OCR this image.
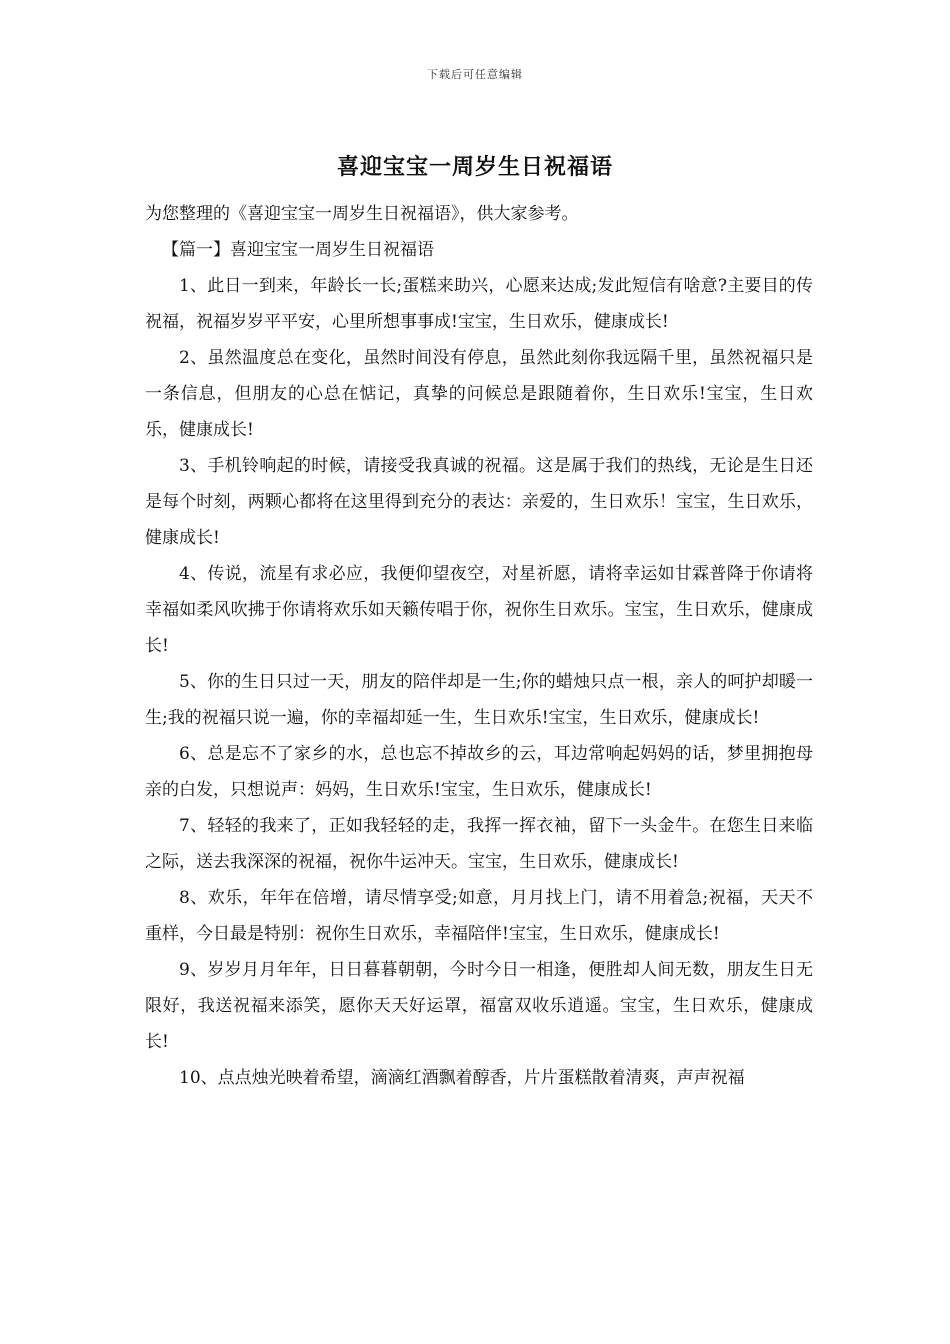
下载后可任意编辑
喜迎宝宝一周岁生日祝福语

为您整理的《喜迎宝宝一周岁生日祝福语》，供大家参考。

【篇一】喜迎宝宝一周岁生日祝福语

1、此日一到来，年龄长一长;蛋糕来助兴，心愿来达成;发此短信有啥意?主要目的传祝福，祝福岁岁平平安，心里所想事事成!宝宝，生日欢乐，健康成长!

2、虽然温度总在变化，虽然时间没有停息，虽然此刻你我远隔千里，虽然祝福只是一条信息，但朋友的心总在惦记，真挚的问候总是跟随着你，生日欢乐!宝宝，生日欢乐，健康成长!

3、手机铃响起的时候，请接受我真诚的祝福。这是属于我们的热线，无论是生日还是每个时刻，两颗心都将在这里得到充分的表达：亲爱的，生日欢乐！宝宝，生日欢乐，健康成长!

4、传说，流星有求必应，我便仰望夜空，对星祈愿，请将幸运如甘霖普降于你请将幸福如柔风吹拂于你请将欢乐如天籁传唱于你，祝你生日欢乐。宝宝，生日欢乐，健康成长!

5、你的生日只过一天，朋友的陪伴却是一生;你的蜡烛只点一根，亲人的呵护却暖一生;我的祝福只说一遍，你的幸福却延一生，生日欢乐!宝宝，生日欢乐，健康成长!

6、总是忘不了家乡的水，总也忘不掉故乡的云，耳边常响起妈妈的话，梦里拥抱母亲的白发，只想说声：妈妈，生日欢乐!宝宝，生日欢乐，健康成长!

7、轻轻的我来了，正如我轻轻的走，我挥一挥衣袖，留下一头金牛。在您生日来临之际，送去我深深的祝福，祝你牛运冲天。宝宝，生日欢乐，健康成长!

8、欢乐，年年在倍增，请尽情享受;如意，月月找上门，请不用着急;祝福，天天不重样，今日最是特别：祝你生日欢乐，幸福陪伴!宝宝，生日欢乐，健康成长!

9、岁岁月月年年，日日暮暮朝朝，今时今日一相逢，便胜却人间无数，朋友生日无限好，我送祝福来添笑，愿你天天好运罩，福富双收乐逍遥。宝宝，生日欢乐，健康成长!

10、点点烛光映着希望，滴滴红酒飘着醇香，片片蛋糕散着清爽，声声祝福
